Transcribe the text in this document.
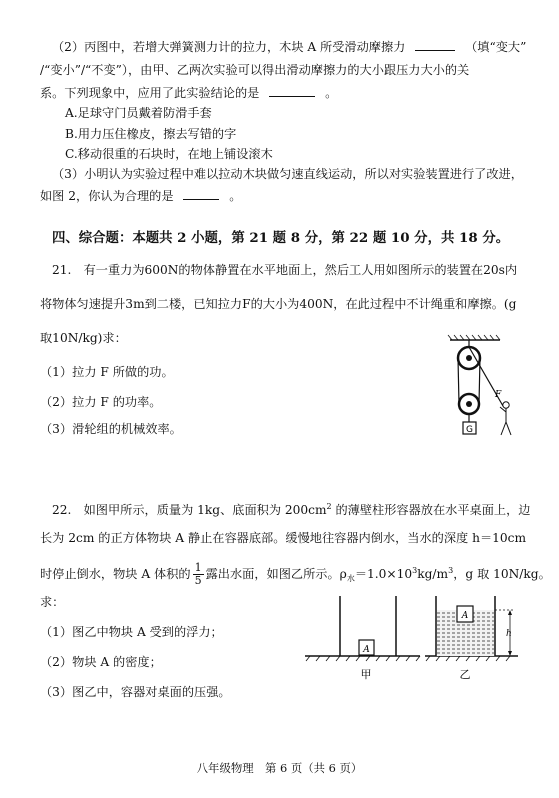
（2）丙图中，若增大弹簧测力计的拉力，木块 A 所受滑动摩擦力	（填“变大”
/“变小”/“不变”），由甲、乙两次实验可以得出滑动摩擦力的大小跟压力大小的关
系。下列现象中，应用了此实验结论的是	。
A.足球守门员戴着防滑手套
B.用力压住橡皮，擦去写错的字
C.移动很重的石块时，在地上铺设滚木
（3）小明认为实验过程中难以拉动木块做匀速直线运动，所以对实验装置进行了改进，
如图 2，你认为合理的是	。
四、综合题：本题共 2 小题，第 21 题 8 分，第 22 题 10 分，共 18 分。
21.　有一重力为600N的物体静置在水平地面上，然后工人用如图所示的装置在20s内
将物体匀速提升3m到二楼，已知拉力F的大小为400N，在此过程中不计绳重和摩擦。(g
取10N/kg)求：
（1）拉力 F 所做的功。
（2）拉力 F 的功率。
（3）滑轮组的机械效率。	G
F
22.　如图甲所示，质量为 1kg、底面积为 $200cm^2$ 的薄壁柱形容器放在水平桌面上，边
长为 2cm 的正方体物块 A 静止在容器底部。缓慢地往容器内倒水，当水的深度 h＝10cm
时停止倒水，物块 A 体积的 $\frac{1}{5}$ 露出水面，如图乙所示。$\rho_水=1.0\times 10^3kg/m^3$，g 取 10N/kg。
求：
（1）图乙中物块 A 受到的浮力；
（2）物块 A 的密度；
（3）图乙中，容器对桌面的压强。
A
A
h
甲	乙
八年级物理　第 6 页（共 6 页）
